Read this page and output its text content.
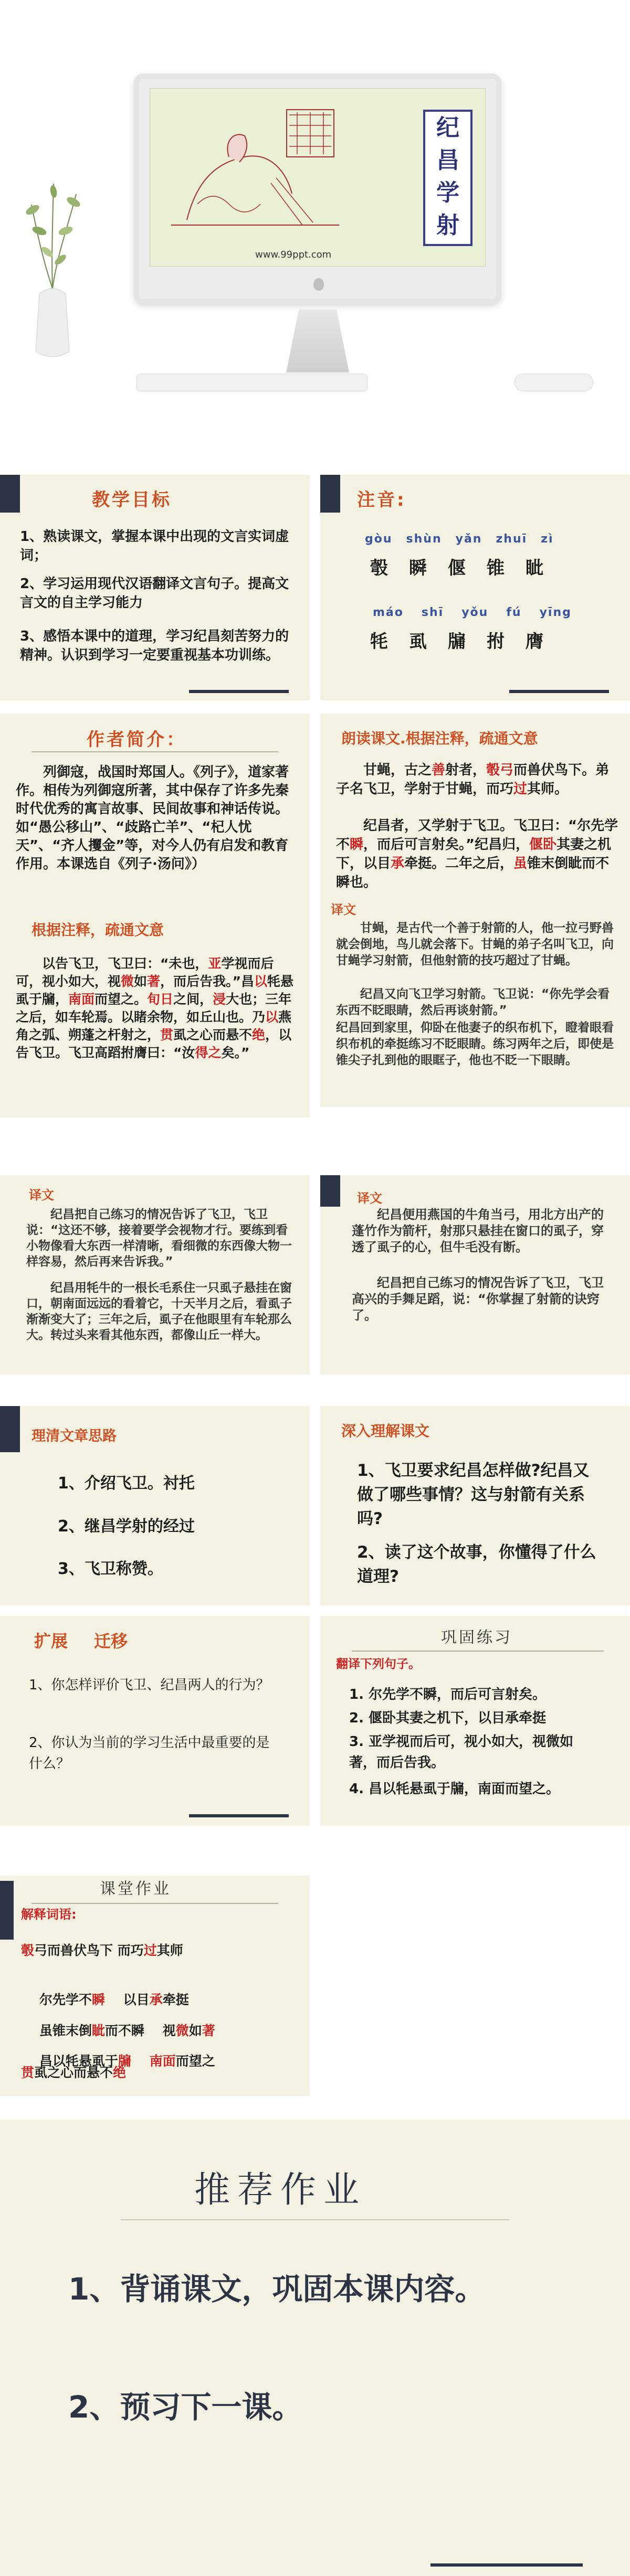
纪
昌
学
射
www.99ppt.com
教学目标
1、熟读课文，掌握本课中出现的文言实词虚词；
2、学习运用现代汉语翻译文言句子。提高文言文的自主学习能力
3、感悟本课中的道理，学习纪昌刻苦努力的精神。认识到学习一定要重视基本功训练。
注音:
gòu shùn yǎn zhuī zì
彀 瞬 偃 锥 眦
máo shī yǒu fú yīng
牦 虱 牖 拊 膺
作者简介：
列御寇，战国时郑国人。《列子》，道家著作。相传为列御寇所著，其中保存了许多先秦时代优秀的寓言故事、民间故事和神话传说。如“愚公移山”、“歧路亡羊”、“杞人忧天”、“齐人攫金”等，对今人仍有启发和教育作用。本课选自《列子·汤问》）
朗读课文.根据注释，疏通文意
甘蝇，古之善射者，彀弓而兽伏鸟下。弟子名飞卫，学射于甘蝇，而巧过其师。
纪昌者，又学射于飞卫。飞卫曰：“尔先学不瞬，而后可言射矣。”纪昌归，偃卧其妻之机下，以目承牵挺。二年之后，虽锥末倒眦而不瞬也。
根据注释，疏通文意
以告飞卫，飞卫曰：“未也，亚学视而后可，视小如大，视微如著，而后告我。”昌以牦悬虱于牖，南面而望之。旬日之间，浸大也；三年之后，如车轮焉。以睹余物，如丘山也。乃以燕角之弧、朔蓬之杆射之，贯虱之心而悬不绝，以告飞卫。飞卫高蹈拊膺曰：“汝得之矣。”
译文
甘蝇，是古代一个善于射箭的人，他一拉弓野兽就会倒地，鸟儿就会落下。甘蝇的弟子名叫飞卫，向甘蝇学习射箭，但他射箭的技巧超过了甘蝇。
纪昌又向飞卫学习射箭。飞卫说：“你先学会看东西不眨眼睛，然后再谈射箭。”
纪昌回到家里，仰卧在他妻子的织布机下，瞪着眼看织布机的牵挺练习不眨眼睛。练习两年之后，即使是锥尖子扎到他的眼眶子，他也不眨一下眼睛。
译文
纪昌把自己练习的情况告诉了飞卫，飞卫说：“这还不够，接着要学会视物才行。要练到看小物像看大东西一样清晰，看细微的东西像大物一样容易，然后再来告诉我。”
纪昌用牦牛的一根长毛系住一只虱子悬挂在窗口，朝南面远远的看着它，十天半月之后，看虱子渐渐变大了；三年之后，虱子在他眼里有车轮那么大。转过头来看其他东西，都像山丘一样大。
译文
纪昌便用燕国的牛角当弓，用北方出产的蓬竹作为箭杆，射那只悬挂在窗口的虱子，穿透了虱子的心，但牛毛没有断。
纪昌把自己练习的情况告诉了飞卫，飞卫高兴的手舞足蹈，说：“你掌握了射箭的诀窍了。
理清文章思路
1、介绍飞卫。衬托
2、继昌学射的经过
3、飞卫称赞。
深入理解课文
1、飞卫要求纪昌怎样做?纪昌又做了哪些事情？这与射箭有关系吗?
2、读了这个故事，你懂得了什么道理?
扩展 迁移
1、你怎样评价飞卫、纪昌两人的行为？
2、你认为当前的学习生活中最重要的是什么？
巩固练习
翻译下列句子。
1. 尔先学不瞬，而后可言射矣。
2. 偃卧其妻之机下，以目承牵挺
3. 亚学视而后可，视小如大，视微如著，而后告我。
4. 昌以牦悬虱于牖，南面而望之。
课堂作业
解释词语:
彀弓而兽伏鸟下 而巧过其师

尔先学不瞬    以目承牵挺

虽锥末倒眦而不瞬    视微如著

昌以牦悬虱于牖 南面而望之

贯虱之心而悬不绝
推荐作业
1、背诵课文，巩固本课内容。
2、预习下一课。
